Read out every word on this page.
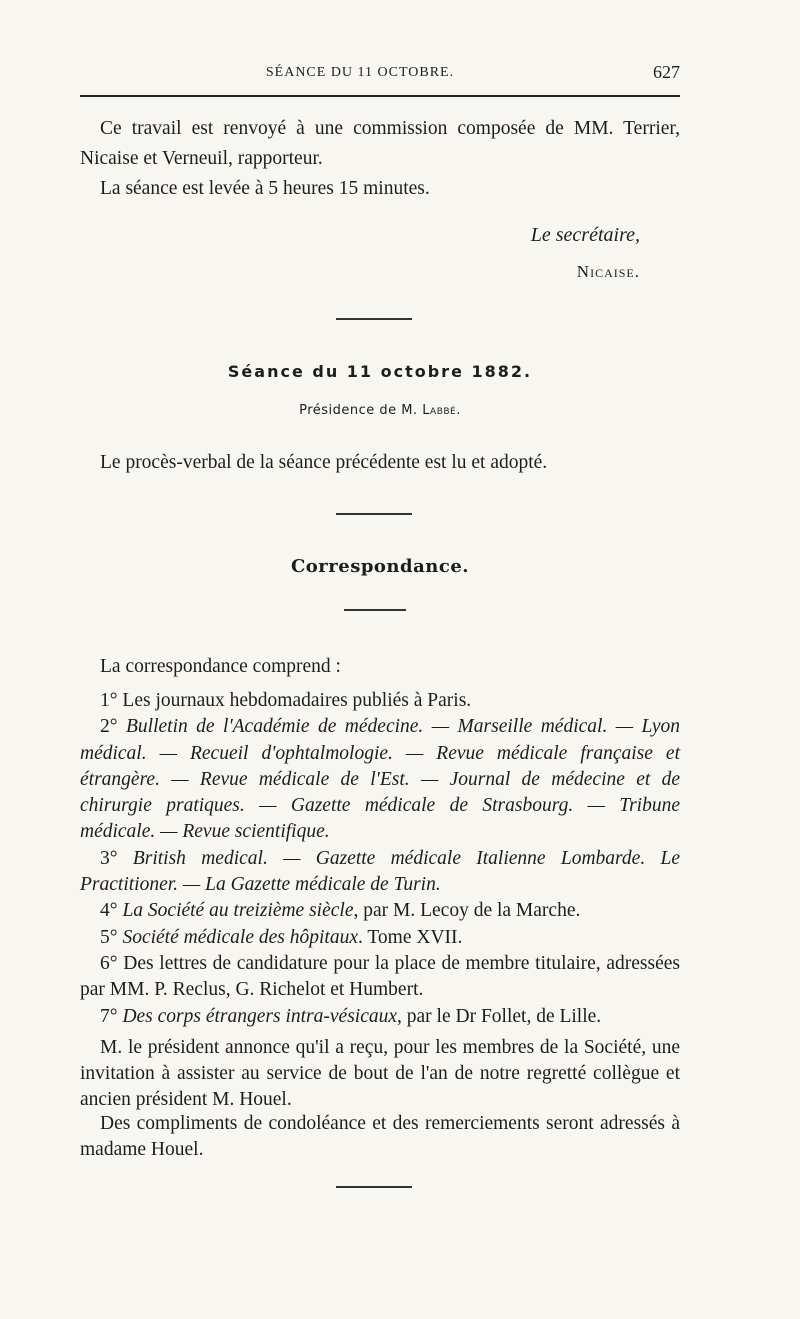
SÉANCE DU 11 OCTOBRE.	627

Ce travail est renvoyé à une commission composée de MM. Terrier, Nicaise et Verneuil, rapporteur.

La séance est levée à 5 heures 15 minutes.

Le secrétaire,

Nicaise.

Séance du 11 octobre 1882.

Présidence de M. Labbé.

Le procès-verbal de la séance précédente est lu et adopté.

Correspondance.

La correspondance comprend :

1° Les journaux hebdomadaires publiés à Paris.

2° Bulletin de l'Académie de médecine. — Marseille médical. — Lyon médical. — Recueil d'ophtalmologie. — Revue médicale française et étrangère. — Revue médicale de l'Est. — Journal de médecine et de chirurgie pratiques. — Gazette médicale de Strasbourg. — Tribune médicale. — Revue scientifique.

3° British medical. — Gazette médicale Italienne Lombarde. Le Practitioner. — La Gazette médicale de Turin.

4° La Société au treizième siècle, par M. Lecoy de la Marche.

5° Société médicale des hôpitaux. Tome XVII.

6° Des lettres de candidature pour la place de membre titulaire, adressées par MM. P. Reclus, G. Richelot et Humbert.

7° Des corps étrangers intra-vésicaux, par le Dr Follet, de Lille.

M. le président annonce qu'il a reçu, pour les membres de la Société, une invitation à assister au service de bout de l'an de notre regretté collègue et ancien président M. Houel.

Des compliments de condoléance et des remerciements seront adressés à madame Houel.
